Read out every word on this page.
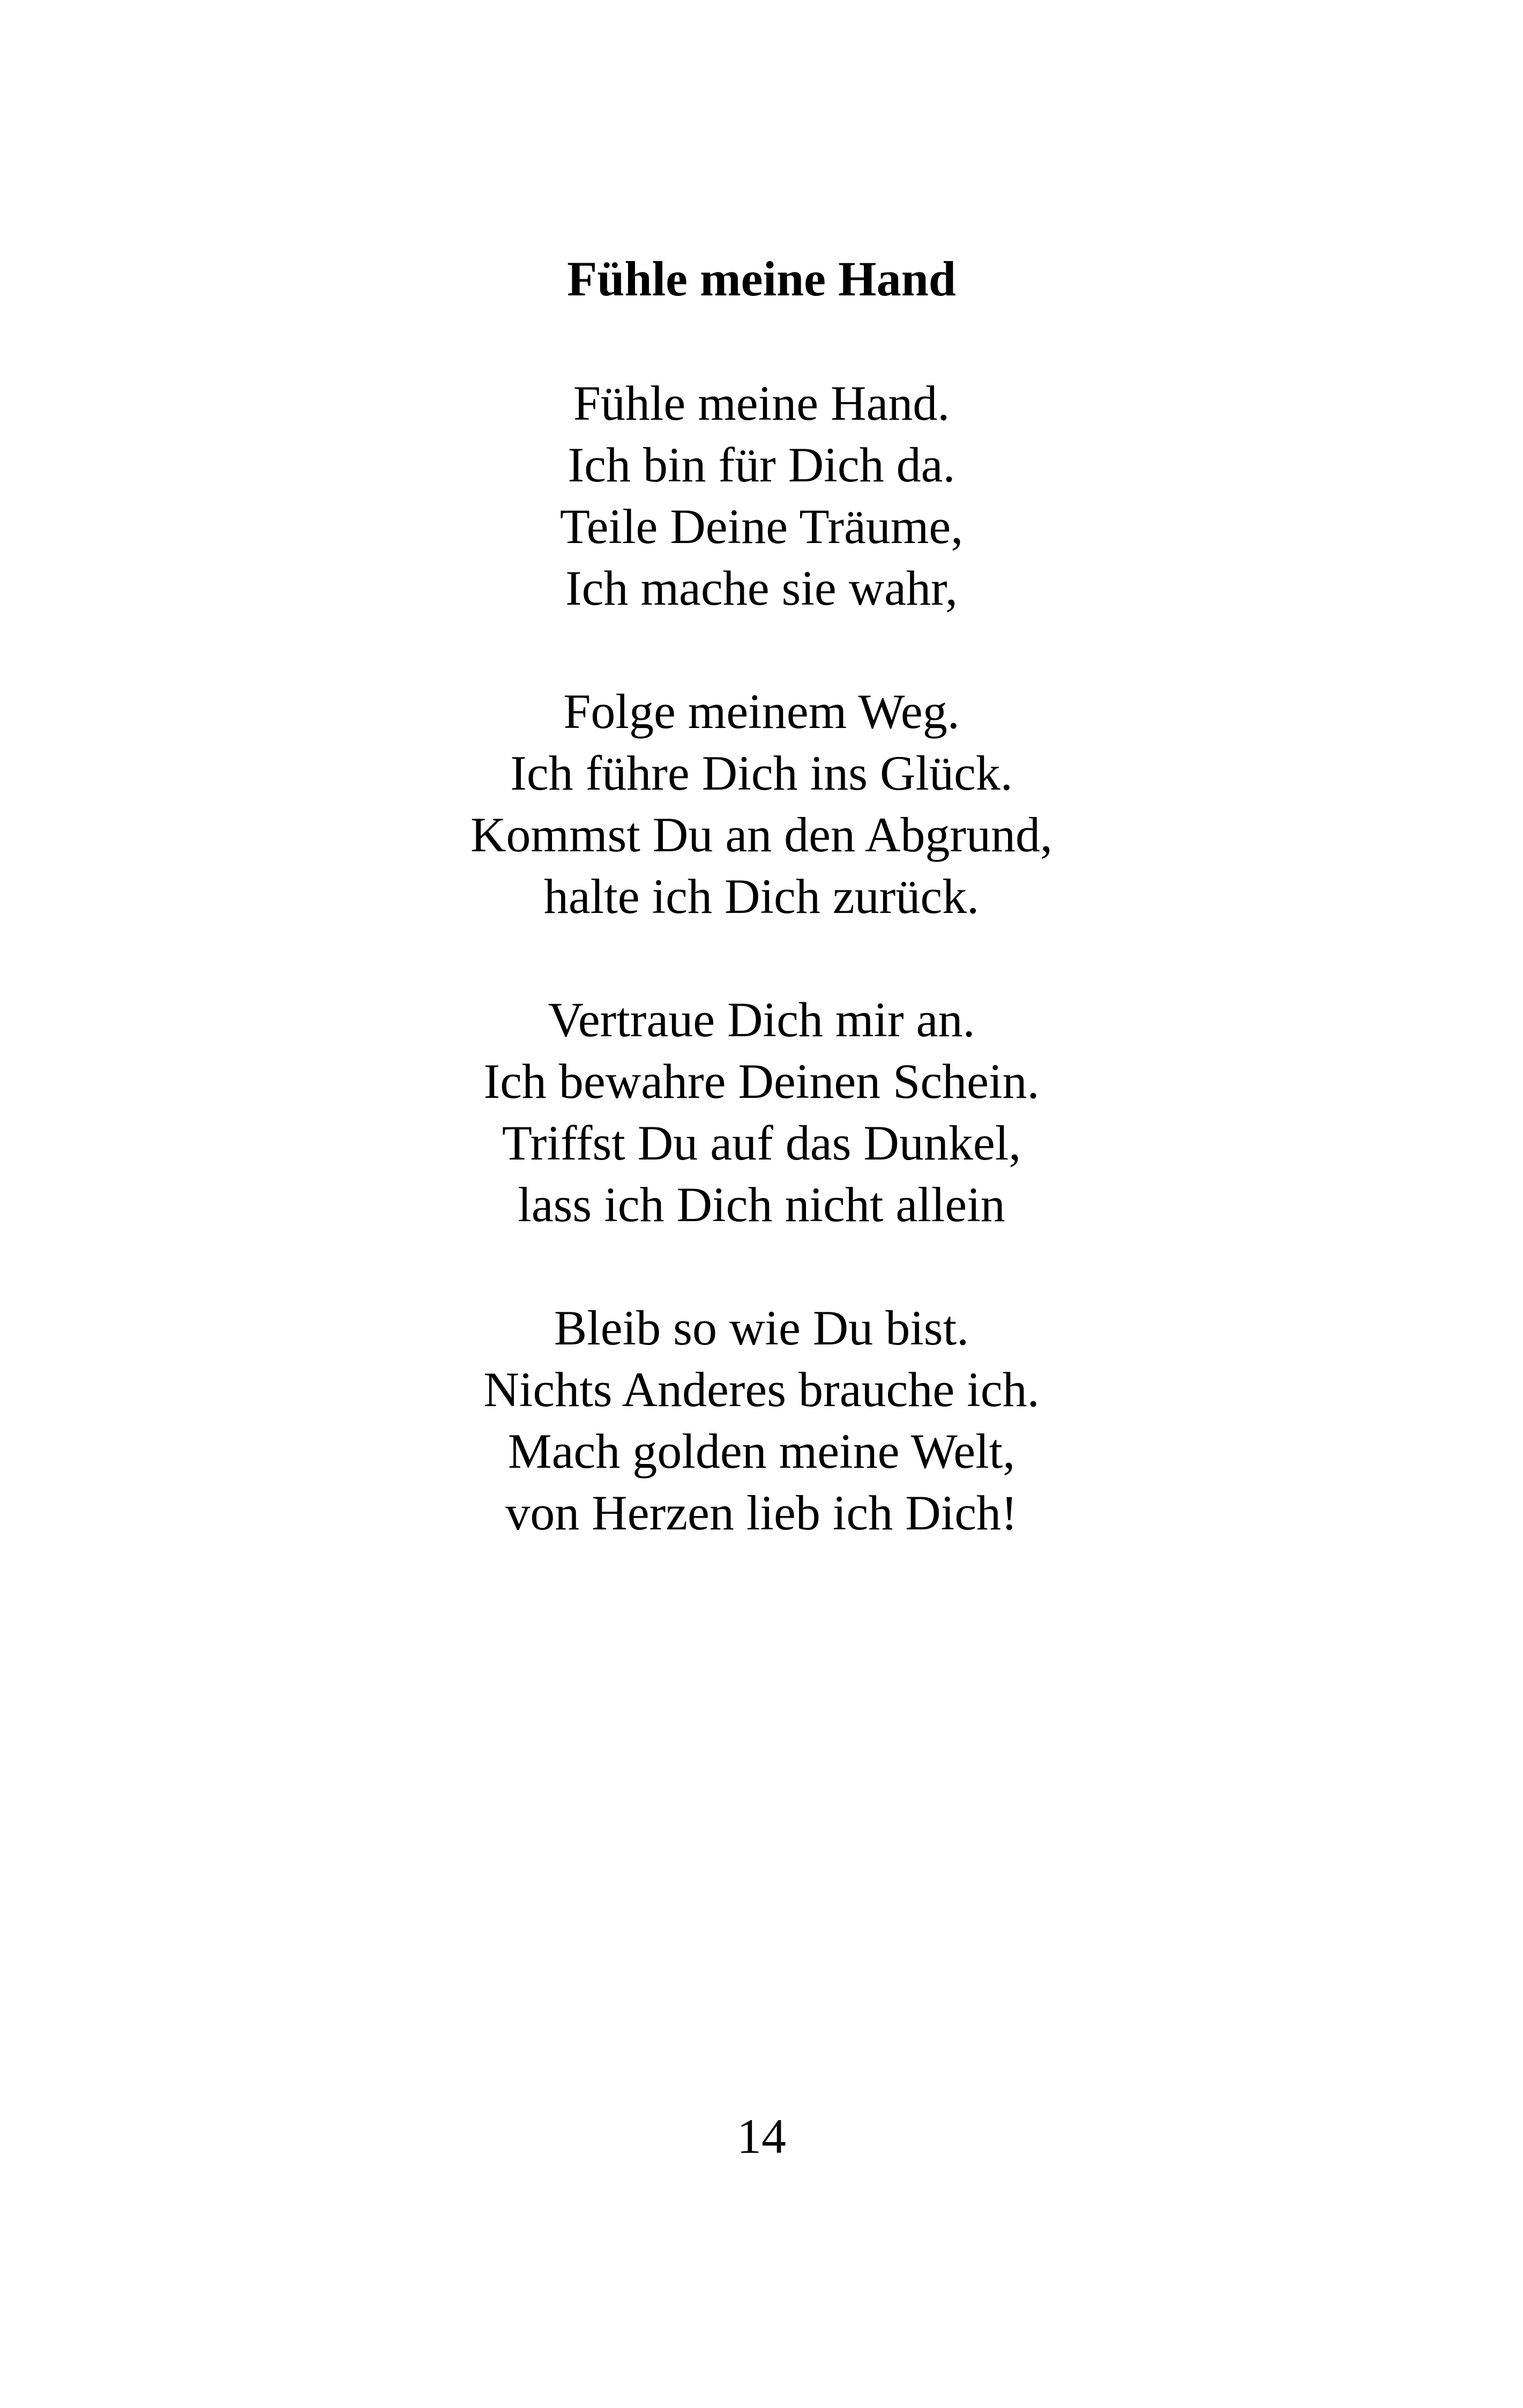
Fühle meine Hand
Fühle meine Hand.
Ich bin für Dich da.
Teile Deine Träume,
Ich mache sie wahr,
Folge meinem Weg.
Ich führe Dich ins Glück.
Kommst Du an den Abgrund,
halte ich Dich zurück.
Vertraue Dich mir an.
Ich bewahre Deinen Schein.
Triffst Du auf das Dunkel,
lass ich Dich nicht allein
Bleib so wie Du bist.
Nichts Anderes brauche ich.
Mach golden meine Welt,
von Herzen lieb ich Dich!
14
